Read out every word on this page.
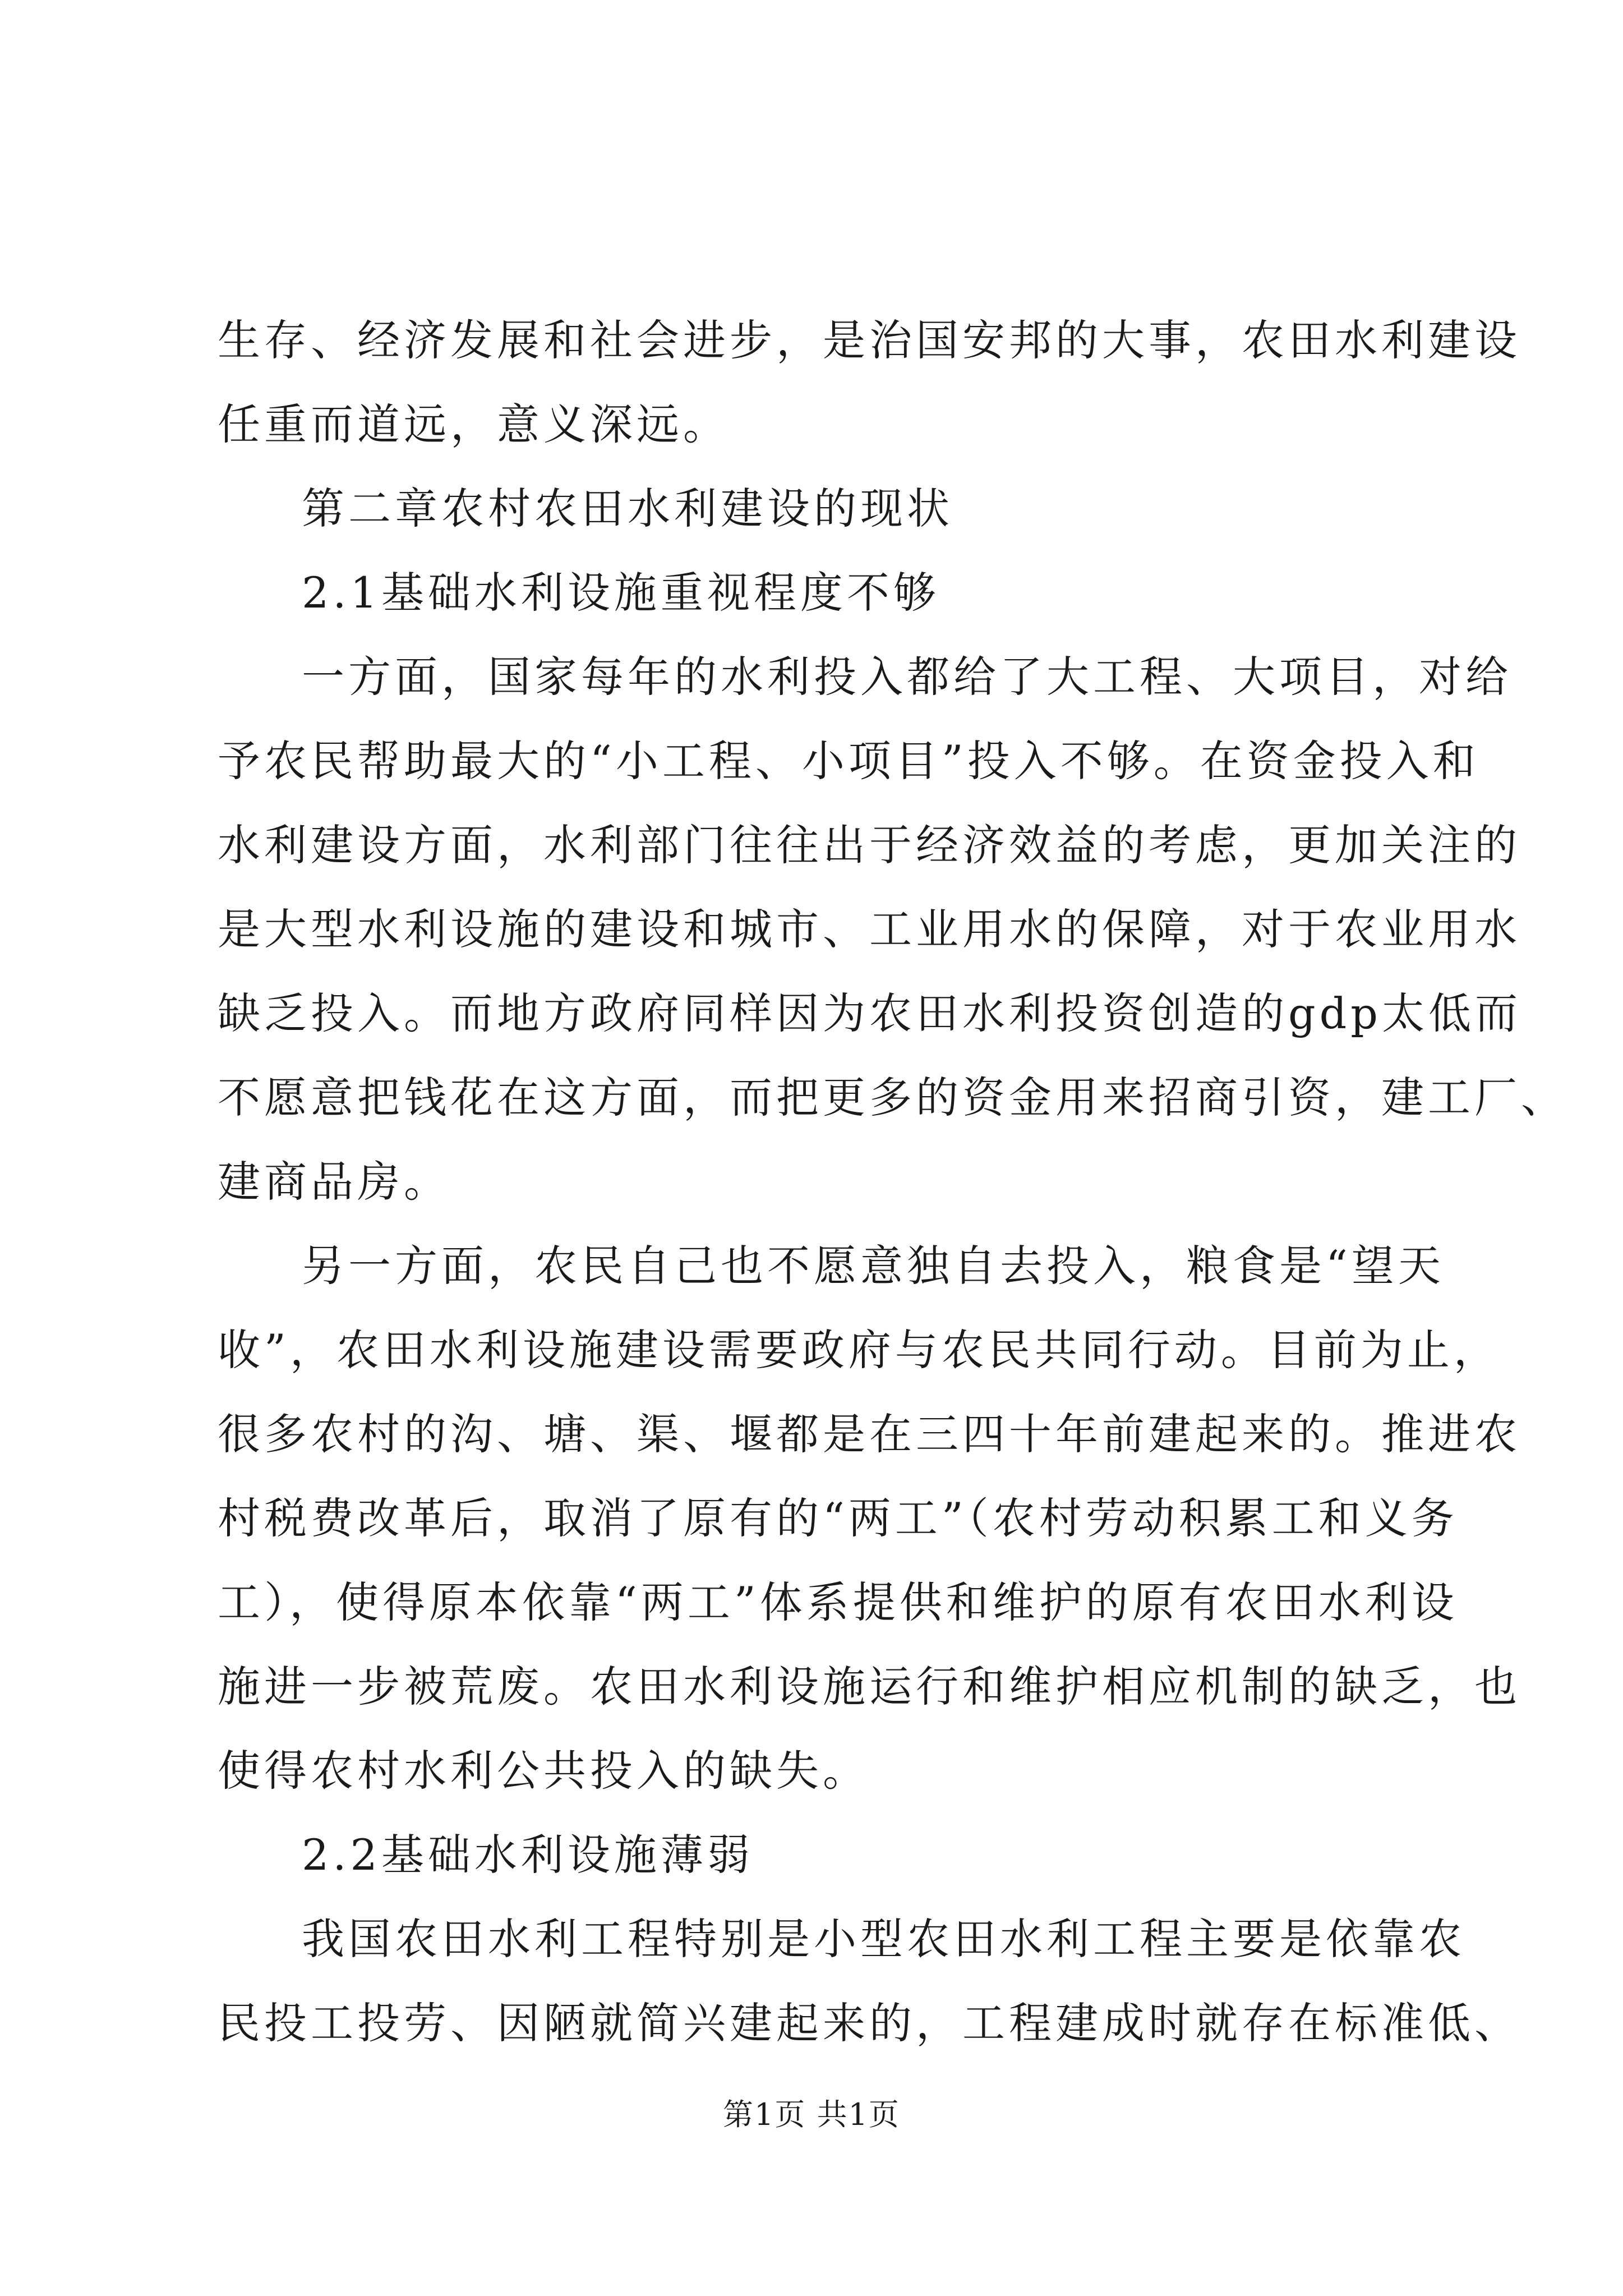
生存、经济发展和社会进步，是治国安邦的大事，农田水利建设
任重而道远，意义深远。
第二章农村农田水利建设的现状
2.1基础水利设施重视程度不够
一方面，国家每年的水利投入都给了大工程、大项目，对给
予农民帮助最大的“小工程、小项目”投入不够。在资金投入和
水利建设方面，水利部门往往出于经济效益的考虑，更加关注的
是大型水利设施的建设和城市、工业用水的保障，对于农业用水
缺乏投入。而地方政府同样因为农田水利投资创造的gdp太低而
不愿意把钱花在这方面，而把更多的资金用来招商引资，建工厂、
建商品房。
另一方面，农民自己也不愿意独自去投入，粮食是“望天
收”，农田水利设施建设需要政府与农民共同行动。目前为止，
很多农村的沟、塘、渠、堰都是在三四十年前建起来的。推进农
村税费改革后，取消了原有的“两工”（农村劳动积累工和义务
工），使得原本依靠“两工”体系提供和维护的原有农田水利设
施进一步被荒废。农田水利设施运行和维护相应机制的缺乏，也
使得农村水利公共投入的缺失。
2.2基础水利设施薄弱
我国农田水利工程特别是小型农田水利工程主要是依靠农
民投工投劳、因陋就简兴建起来的，工程建成时就存在标准低、
第1页 共1页
